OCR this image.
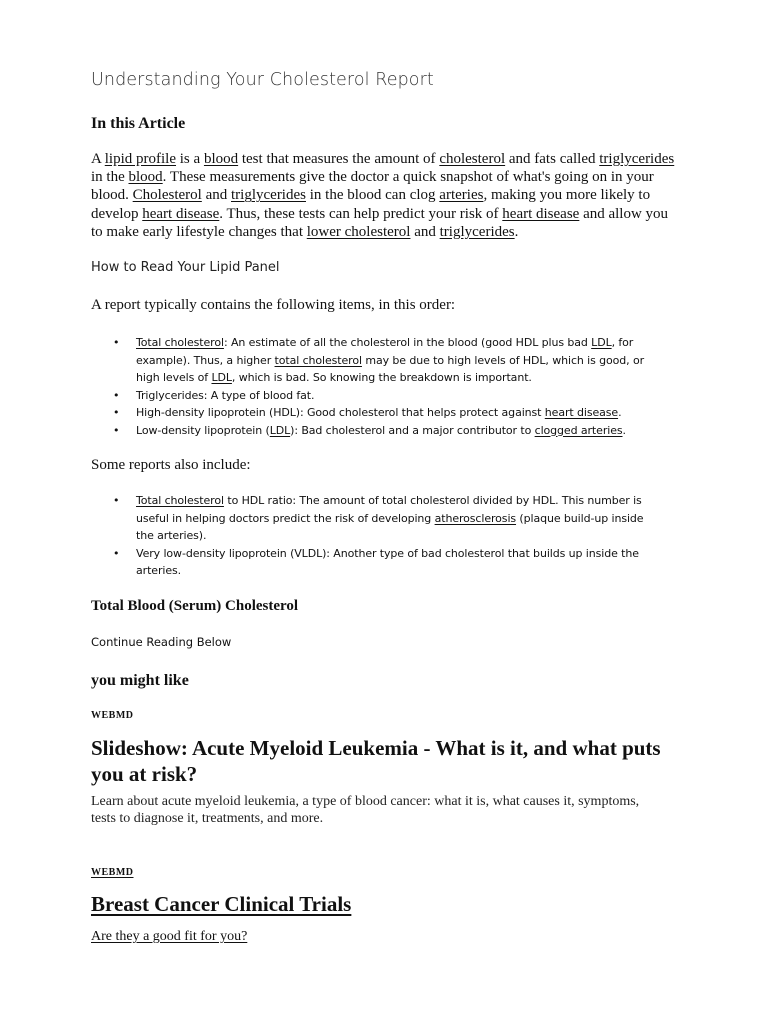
Understanding Your Cholesterol Report
In this Article
A lipid profile is a blood test that measures the amount of cholesterol and fats called triglycerides
in the blood. These measurements give the doctor a quick snapshot of what's going on in your
blood. Cholesterol and triglycerides in the blood can clog arteries, making you more likely to
develop heart disease. Thus, these tests can help predict your risk of heart disease and allow you
to make early lifestyle changes that lower cholesterol and triglycerides.
How to Read Your Lipid Panel
A report typically contains the following items, in this order:
• Total cholesterol: An estimate of all the cholesterol in the blood (good HDL plus bad LDL, for
example). Thus, a higher total cholesterol may be due to high levels of HDL, which is good, or
high levels of LDL, which is bad. So knowing the breakdown is important.
• Triglycerides: A type of blood fat.
• High-density lipoprotein (HDL): Good cholesterol that helps protect against heart disease.
• Low-density lipoprotein (LDL): Bad cholesterol and a major contributor to clogged arteries.
Some reports also include:
• Total cholesterol to HDL ratio: The amount of total cholesterol divided by HDL. This number is
useful in helping doctors predict the risk of developing atherosclerosis (plaque build-up inside
the arteries).
• Very low-density lipoprotein (VLDL): Another type of bad cholesterol that builds up inside the
arteries.
Total Blood (Serum) Cholesterol
Continue Reading Below
you might like
WEBMD
Slideshow: Acute Myeloid Leukemia - What is it, and what puts
you at risk?
Learn about acute myeloid leukemia, a type of blood cancer: what it is, what causes it, symptoms,
tests to diagnose it, treatments, and more.
WEBMD
Breast Cancer Clinical Trials
Are they a good fit for you?
